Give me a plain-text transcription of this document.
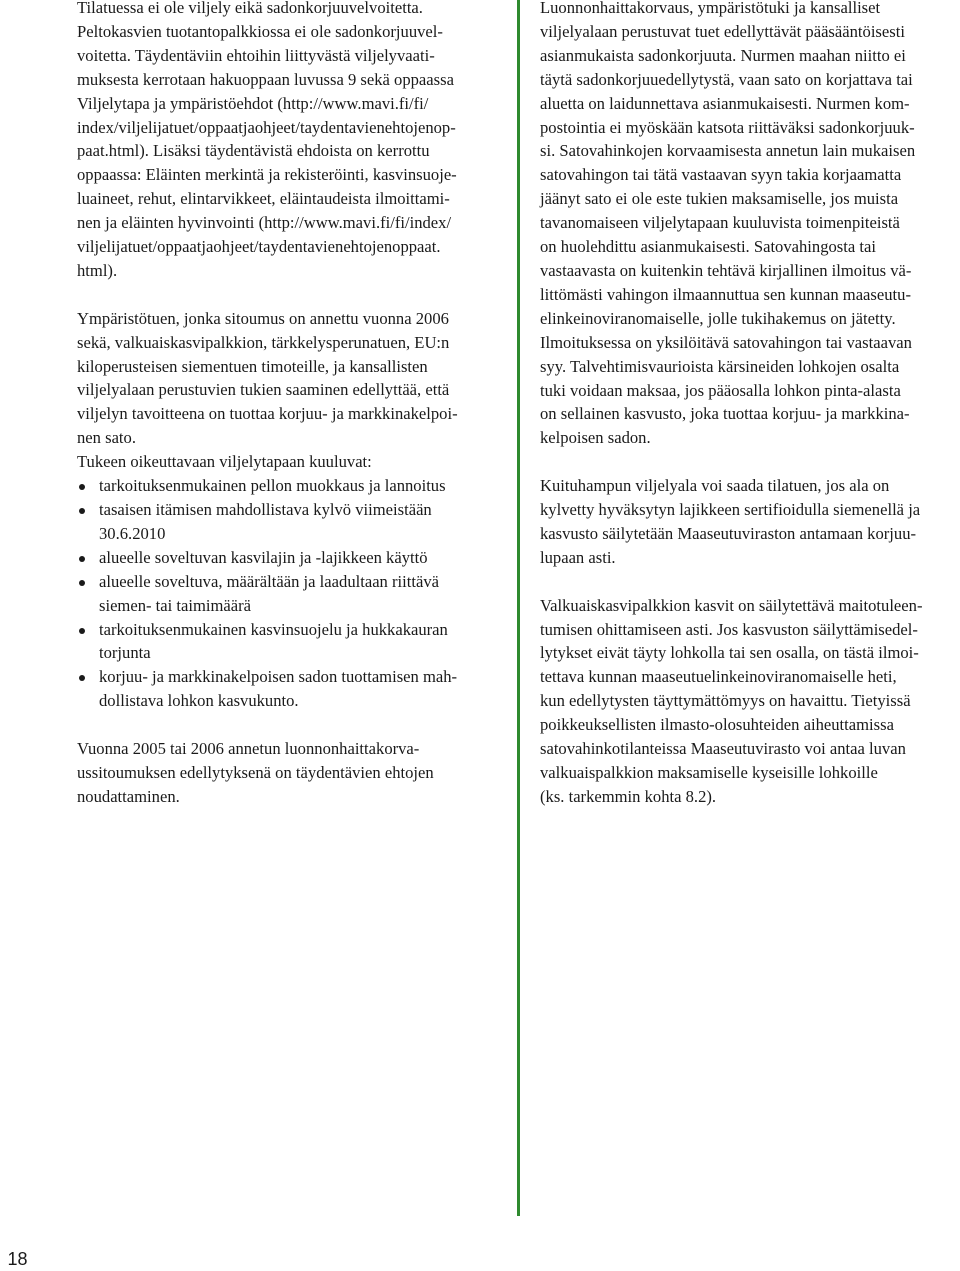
Tilatuessa ei ole viljely eikä sadonkorjuuvelvoitetta.
Peltokasvien tuotantopalkkiossa ei ole sadonkorjuuvel-
voitetta. Täydentäviin ehtoihin liittyvästä viljelyvaati-
muksesta kerrotaan hakuoppaan luvussa 9 sekä oppaassa
Viljelytapa ja ympäristöehdot (http://www.mavi.fi/fi/
index/viljelijatuet/oppaatjaohjeet/taydentavienehtojenop-
paat.html). Lisäksi täydentävistä ehdoista on kerrottu
oppaassa: Eläinten merkintä ja rekisteröinti, kasvinsuoje-
luaineet, rehut, elintarvikkeet, eläintaudeista ilmoittami-
nen ja eläinten hyvinvointi (http://www.mavi.fi/fi/index/
viljelijatuet/oppaatjaohjeet/taydentavienehtojenoppaat.
html).
Ympäristötuen, jonka sitoumus on annettu vuonna 2006
sekä, valkuaiskasvipalkkion, tärkkelysperunatuen, EU:n
kiloperusteisen siementuen timoteille, ja kansallisten
viljelyalaan perustuvien tukien saaminen edellyttää, että
viljelyn tavoitteena on tuottaa korjuu- ja markkinakelpoi-
nen sato.
Tukeen oikeuttavaan viljelytapaan kuuluvat:
tarkoituksenmukainen pellon muokkaus ja lannoitus
tasaisen itämisen mahdollistava kylvö viimeistään
30.6.2010
alueelle soveltuvan kasvilajin ja -lajikkeen käyttö
alueelle soveltuva, määrältään ja laadultaan riittävä
siemen- tai taimimäärä
tarkoituksenmukainen kasvinsuojelu ja hukkakauran
torjunta
korjuu- ja markkinakelpoisen sadon tuottamisen mah-
dollistava lohkon kasvukunto.
Vuonna 2005 tai 2006 annetun luonnonhaittakorva-
ussitoumuksen edellytyksenä on täydentävien ehtojen
noudattaminen.
Luonnonhaittakorvaus, ympäristötuki ja kansalliset
viljelyalaan perustuvat tuet edellyttävät pääsääntöisesti
asianmukaista sadonkorjuuta. Nurmen maahan niitto ei
täytä sadonkorjuuedellytystä, vaan sato on korjattava tai
aluetta on laidunnettava asianmukaisesti. Nurmen kom-
postointia ei myöskään katsota riittäväksi sadonkorjuuk-
si. Satovahinkojen korvaamisesta annetun lain mukaisen
satovahingon tai tätä vastaavan syyn takia korjaamatta
jäänyt sato ei ole este tukien maksamiselle, jos muista
tavanomaiseen viljelytapaan kuuluvista toimenpiteistä
on huolehdittu asianmukaisesti. Satovahingosta tai
vastaavasta on kuitenkin tehtävä kirjallinen ilmoitus vä-
littömästi vahingon ilmaannuttua sen kunnan maaseutu-
elinkeinoviranomaiselle, jolle tukihakemus on jätetty.
Ilmoituksessa on yksilöitävä satovahingon tai vastaavan
syy. Talvehtimisvaurioista kärsineiden lohkojen osalta
tuki voidaan maksaa, jos pääosalla lohkon pinta-alasta
on sellainen kasvusto, joka tuottaa korjuu- ja markkina-
kelpoisen sadon.
Kuituhampun viljelyala voi saada tilatuen, jos ala on
kylvetty hyväksytyn lajikkeen sertifioidulla siemenellä ja
kasvusto säilytetään Maaseutuviraston antamaan korjuu-
lupaan asti.
Valkuaiskasvipalkkion kasvit on säilytettävä maitotuleen-
tumisen ohittamiseen asti. Jos kasvuston säilyttämisedel-
lytykset eivät täyty lohkolla tai sen osalla, on tästä ilmoi-
tettava kunnan maaseutuelinkeinoviranomaiselle heti,
kun edellytysten täyttymättömyys on havaittu. Tietyissä
poikkeuksellisten ilmasto-olosuhteiden aiheuttamissa
satovahinkotilanteissa Maaseutuvirasto voi antaa luvan
valkuaispalkkion maksamiselle kyseisille lohkoille
(ks. tarkemmin kohta 8.2).
18
